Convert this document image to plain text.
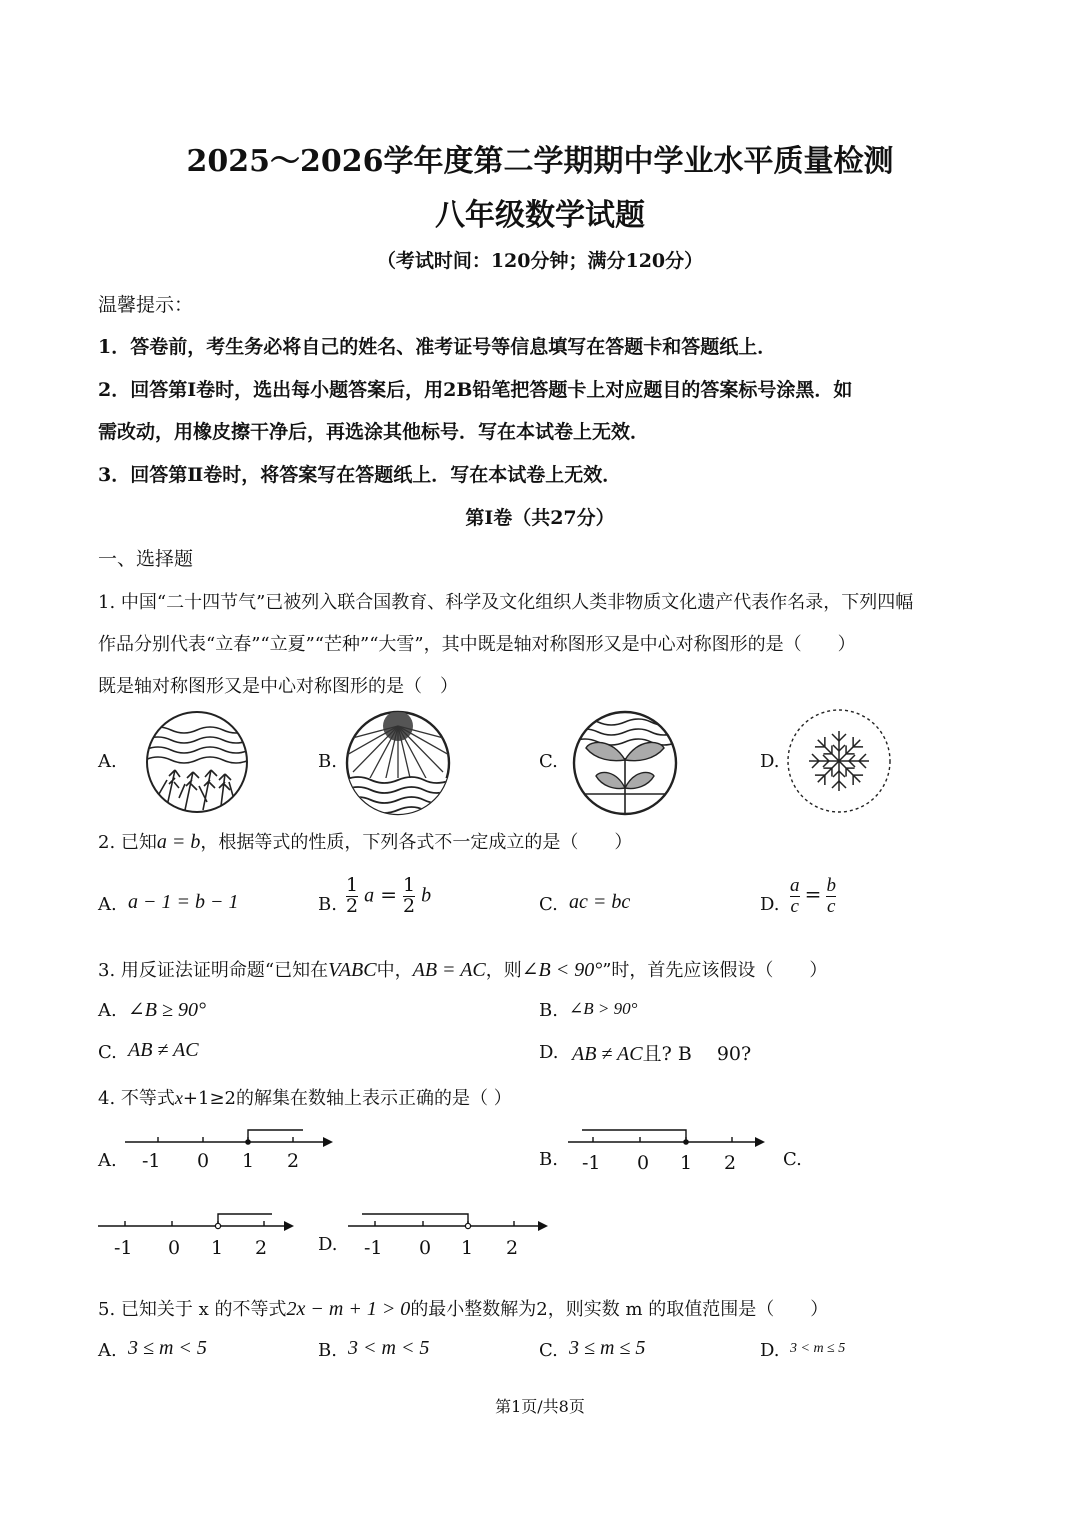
2025～2026学年度第二学期期中学业水平质量检测
八年级数学试题
（考试时间：120分钟；满分120分）
温馨提示：
1．答卷前，考生务必将自己的姓名、准考证号等信息填写在答题卡和答题纸上．
2．回答第Ⅰ卷时，选出每小题答案后，用2B铅笔把答题卡上对应题目的答案标号涂黑．如
需改动，用橡皮擦干净后，再选涂其他标号．写在本试卷上无效．
3．回答第Ⅱ卷时，将答案写在答题纸上．写在本试卷上无效．
第Ⅰ卷（共27分）
一、选择题
1. 中国“二十四节气”已被列入联合国教育、科学及文化组织人类非物质文化遗产代表作名录，下列四幅
作品分别代表“立春”“立夏”“芒种”“大雪”，其中既是轴对称图形又是中心对称图形的是（　　）
既是轴对称图形又是中心对称图形的是（　）
A.	B.	C.	D.
2. 已知a = b，根据等式的性质，下列各式不一定成立的是（　　）
A. a − 1 = b − 1	B. $\frac{1}{2}$ $a = \frac{1}{2}$ b	C. ac = bc	D. $\frac{a}{c} = \frac{b}{c}$
3. 用反证法证明命题“已知在VABC中，AB = AC，则∠B < 90°”时，首先应该假设（　　）
A. ∠B ≥ 90°	B. ∠B > 90°
C. AB ≠ AC	D. AB ≠ AC且? B　 90?
4. 不等式x+1≥2的解集在数轴上表示正确的是（ ）
A. -1 0 1 2	B. -1 0 1 2	C.
-1 0 1 2	D. -1 0 1 2
5. 已知关于 x 的不等式2x − m + 1 > 0的最小整数解为2，则实数 m 的取值范围是（　　）
A. 3 ≤ m < 5	B. 3 < m < 5	C. 3 ≤ m ≤ 5	D. 3 < m ≤ 5
第1页/共8页
